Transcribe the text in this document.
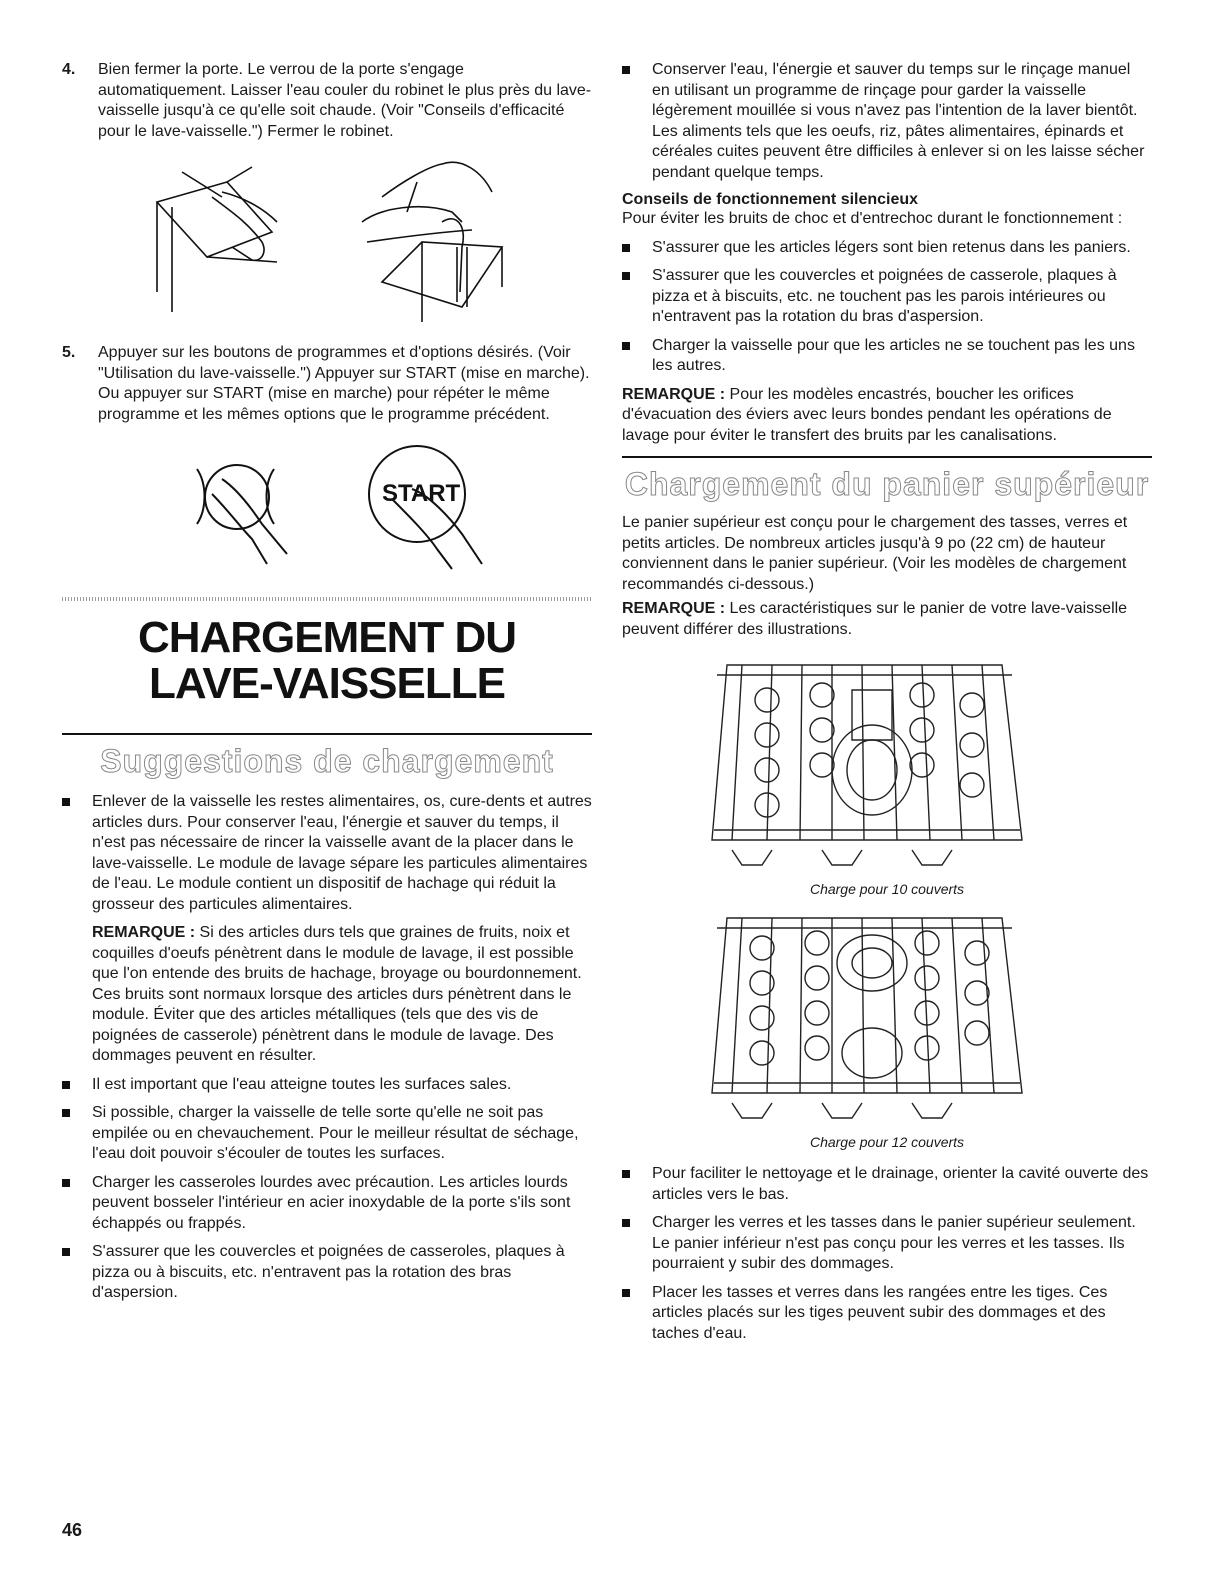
4.	Bien fermer la porte. Le verrou de la porte s'engage automatiquement. Laisser l'eau couler du robinet le plus près du lave-vaisselle jusqu'à ce qu'elle soit chaude. (Voir "Conseils d'efficacité pour le lave-vaisselle.") Fermer le robinet.

5.	Appuyer sur les boutons de programmes et d'options désirés. (Voir "Utilisation du lave-vaisselle.") Appuyer sur START (mise en marche). Ou appuyer sur START (mise en marche) pour répéter le même programme et les mêmes options que le programme précédent.

START
CHARGEMENT DU
LAVE-VAISSELLE
Suggestions de chargement

Enlever de la vaisselle les restes alimentaires, os, cure-dents et autres articles durs. Pour conserver l'eau, l'énergie et sauver du temps, il n'est pas nécessaire de rincer la vaisselle avant de la placer dans le lave-vaisselle. Le module de lavage sépare les particules alimentaires de l'eau. Le module contient un dispositif de hachage qui réduit la grosseur des particules alimentaires.

REMARQUE : Si des articles durs tels que graines de fruits, noix et coquilles d'oeufs pénètrent dans le module de lavage, il est possible que l'on entende des bruits de hachage, broyage ou bourdonnement. Ces bruits sont normaux lorsque des articles durs pénètrent dans le module. Éviter que des articles métalliques (tels que des vis de poignées de casserole) pénètrent dans le module de lavage. Des dommages peuvent en résulter.

Il est important que l'eau atteigne toutes les surfaces sales.

Si possible, charger la vaisselle de telle sorte qu'elle ne soit pas empilée ou en chevauchement. Pour le meilleur résultat de séchage, l'eau doit pouvoir s'écouler de toutes les surfaces.

Charger les casseroles lourdes avec précaution. Les articles lourds peuvent bosseler l'intérieur en acier inoxydable de la porte s'ils sont échappés ou frappés.

S'assurer que les couvercles et poignées de casseroles, plaques à pizza ou à biscuits, etc. n'entravent pas la rotation des bras d'aspersion.

Conserver l'eau, l'énergie et sauver du temps sur le rinçage manuel en utilisant un programme de rinçage pour garder la vaisselle légèrement mouillée si vous n'avez pas l'intention de la laver bientôt. Les aliments tels que les oeufs, riz, pâtes alimentaires, épinards et céréales cuites peuvent être difficiles à enlever si on les laisse sécher pendant quelque temps.

Conseils de fonctionnement silencieux

Pour éviter les bruits de choc et d'entrechoc durant le fonctionnement :

S'assurer que les articles légers sont bien retenus dans les paniers.

S'assurer que les couvercles et poignées de casserole, plaques à pizza et à biscuits, etc. ne touchent pas les parois intérieures ou n'entravent pas la rotation du bras d'aspersion.

Charger la vaisselle pour que les articles ne se touchent pas les uns les autres.

REMARQUE : Pour les modèles encastrés, boucher les orifices d'évacuation des éviers avec leurs bondes pendant les opérations de lavage pour éviter le transfert des bruits par les canalisations.

Chargement du panier supérieur

Le panier supérieur est conçu pour le chargement des tasses, verres et petits articles. De nombreux articles jusqu'à 9 po (22 cm) de hauteur conviennent dans le panier supérieur. (Voir les modèles de chargement recommandés ci-dessous.)

REMARQUE : Les caractéristiques sur le panier de votre lave-vaisselle peuvent différer des illustrations.

Charge pour 10 couverts
Charge pour 12 couverts

Pour faciliter le nettoyage et le drainage, orienter la cavité ouverte des articles vers le bas.

Charger les verres et les tasses dans le panier supérieur seulement. Le panier inférieur n'est pas conçu pour les verres et les tasses. Ils pourraient y subir des dommages.

Placer les tasses et verres dans les rangées entre les tiges. Ces articles placés sur les tiges peuvent subir des dommages et des taches d'eau.

46
